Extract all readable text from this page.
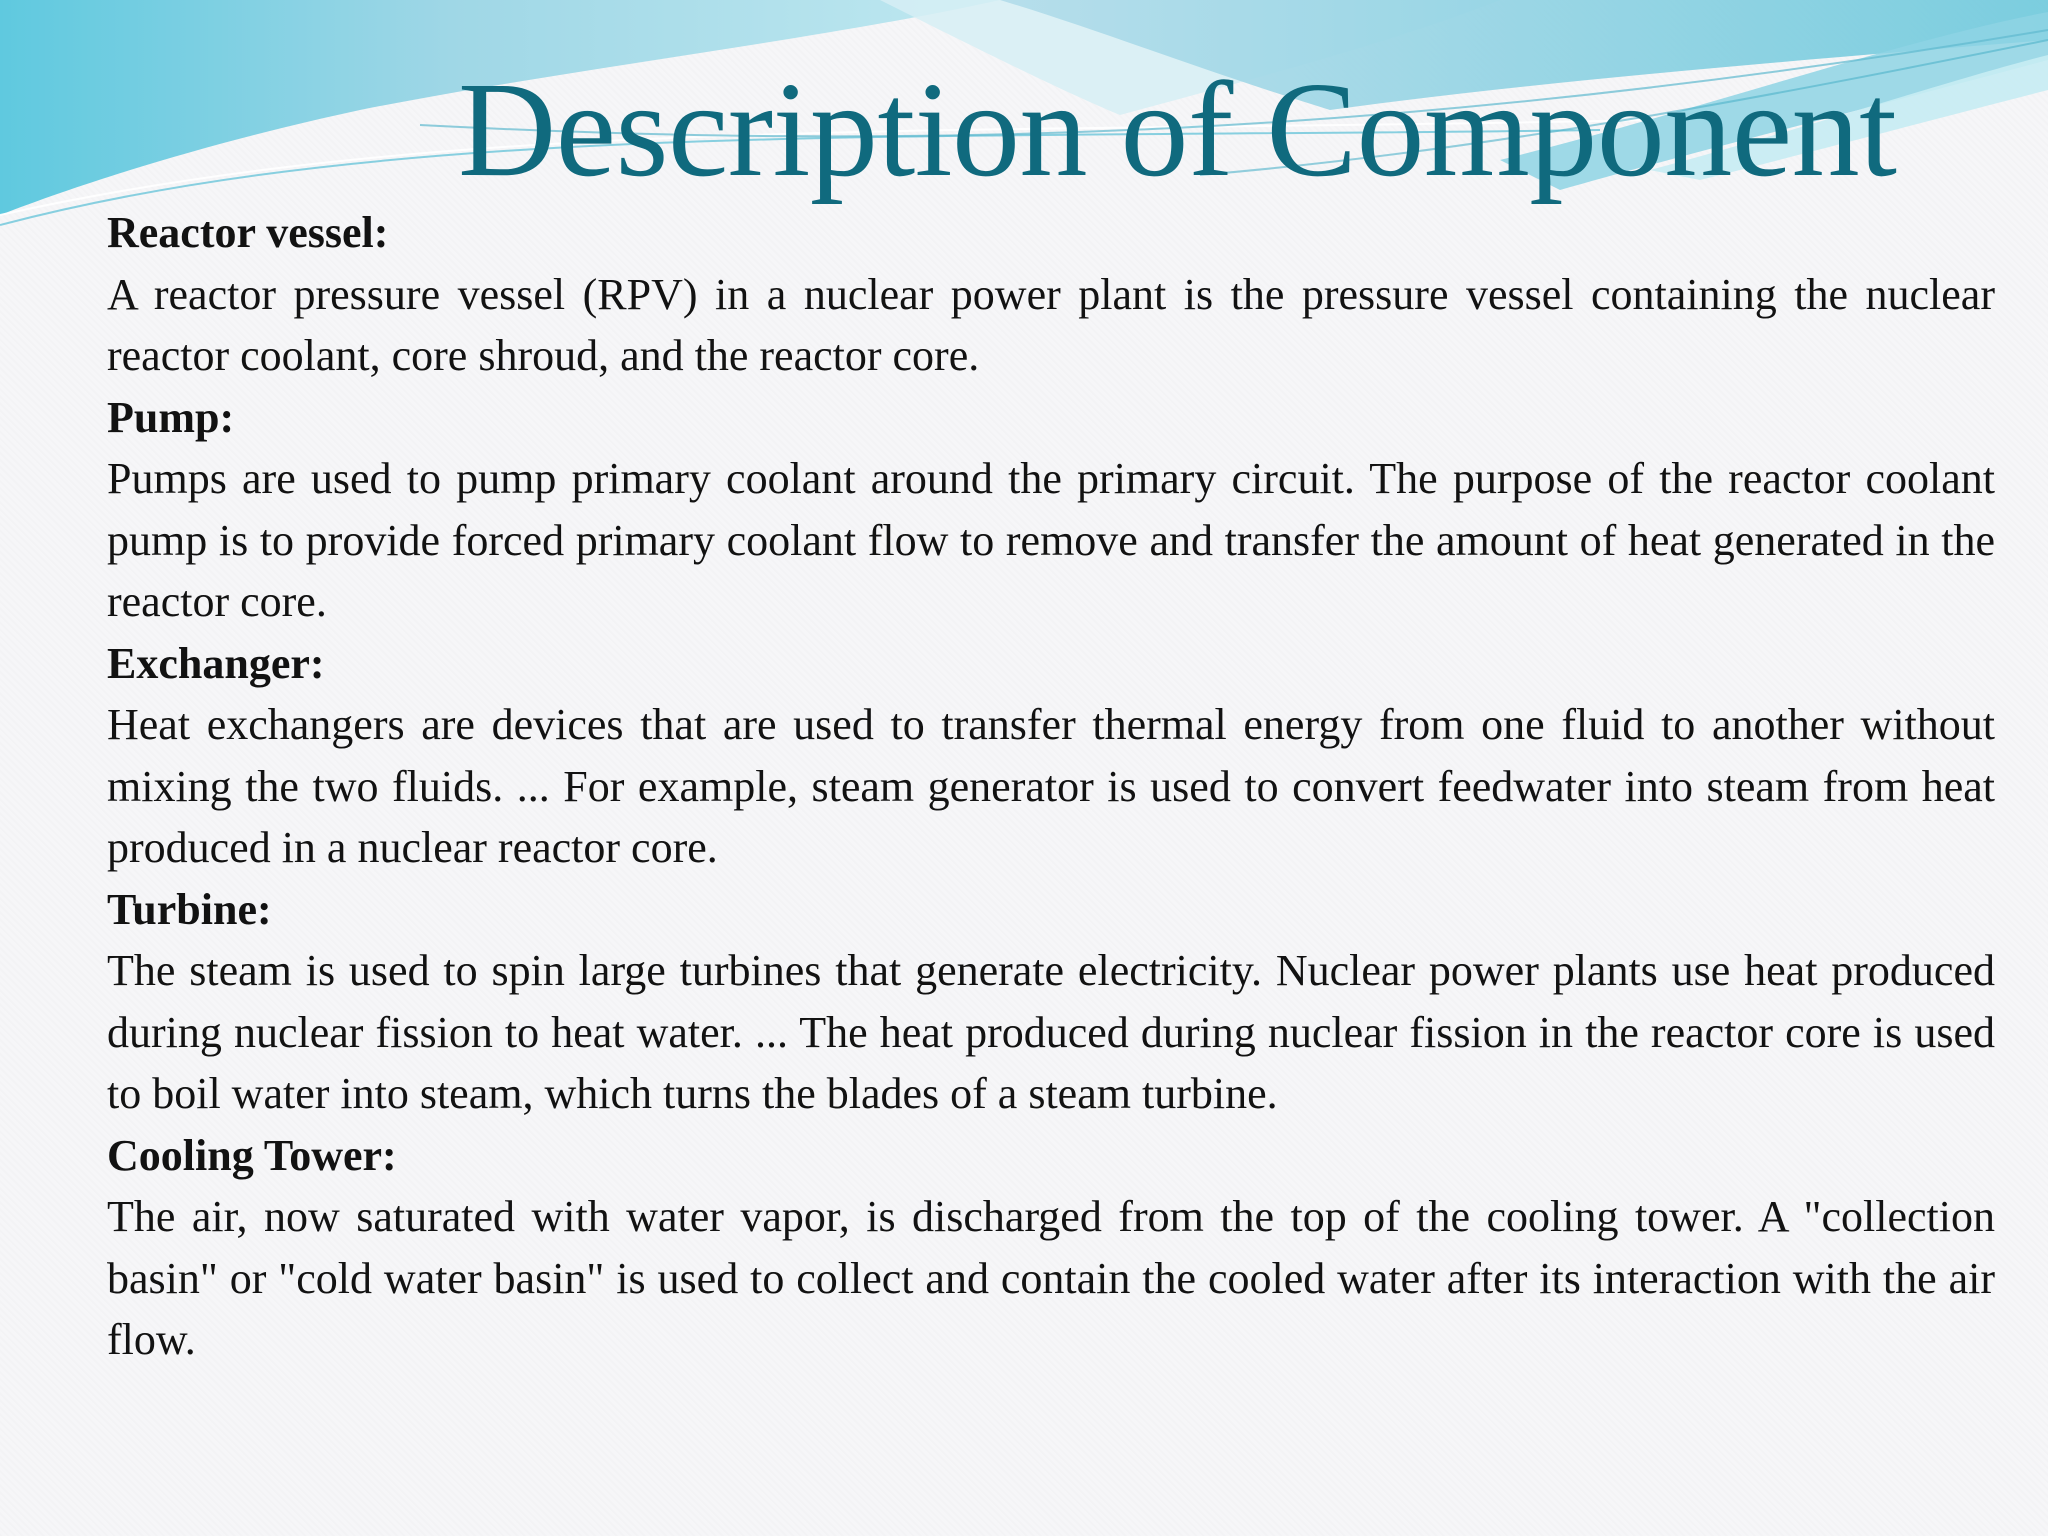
Description of Component

Reactor vessel:

A reactor pressure vessel (RPV) in a nuclear power plant is the pressure vessel containing the nuclear reactor coolant, core shroud, and the reactor core.

Pump:

Pumps are used to pump primary coolant around the primary circuit. The purpose of the reactor coolant pump is to provide forced primary coolant flow to remove and transfer the amount of heat generated in the reactor core.

Exchanger:

Heat exchangers are devices that are used to transfer thermal energy from one fluid to another without mixing the two fluids. ... For example, steam generator is used to convert feedwater into steam from heat produced in a nuclear reactor core.

Turbine:

The steam is used to spin large turbines that generate electricity. Nuclear power plants use heat produced during nuclear fission to heat water. ... The heat produced during nuclear fission in the reactor core is used to boil water into steam, which turns the blades of a steam turbine.

Cooling Tower:

The air, now saturated with water vapor, is discharged from the top of the cooling tower. A "collection basin" or "cold water basin" is used to collect and contain the cooled water after its interaction with the air flow.
